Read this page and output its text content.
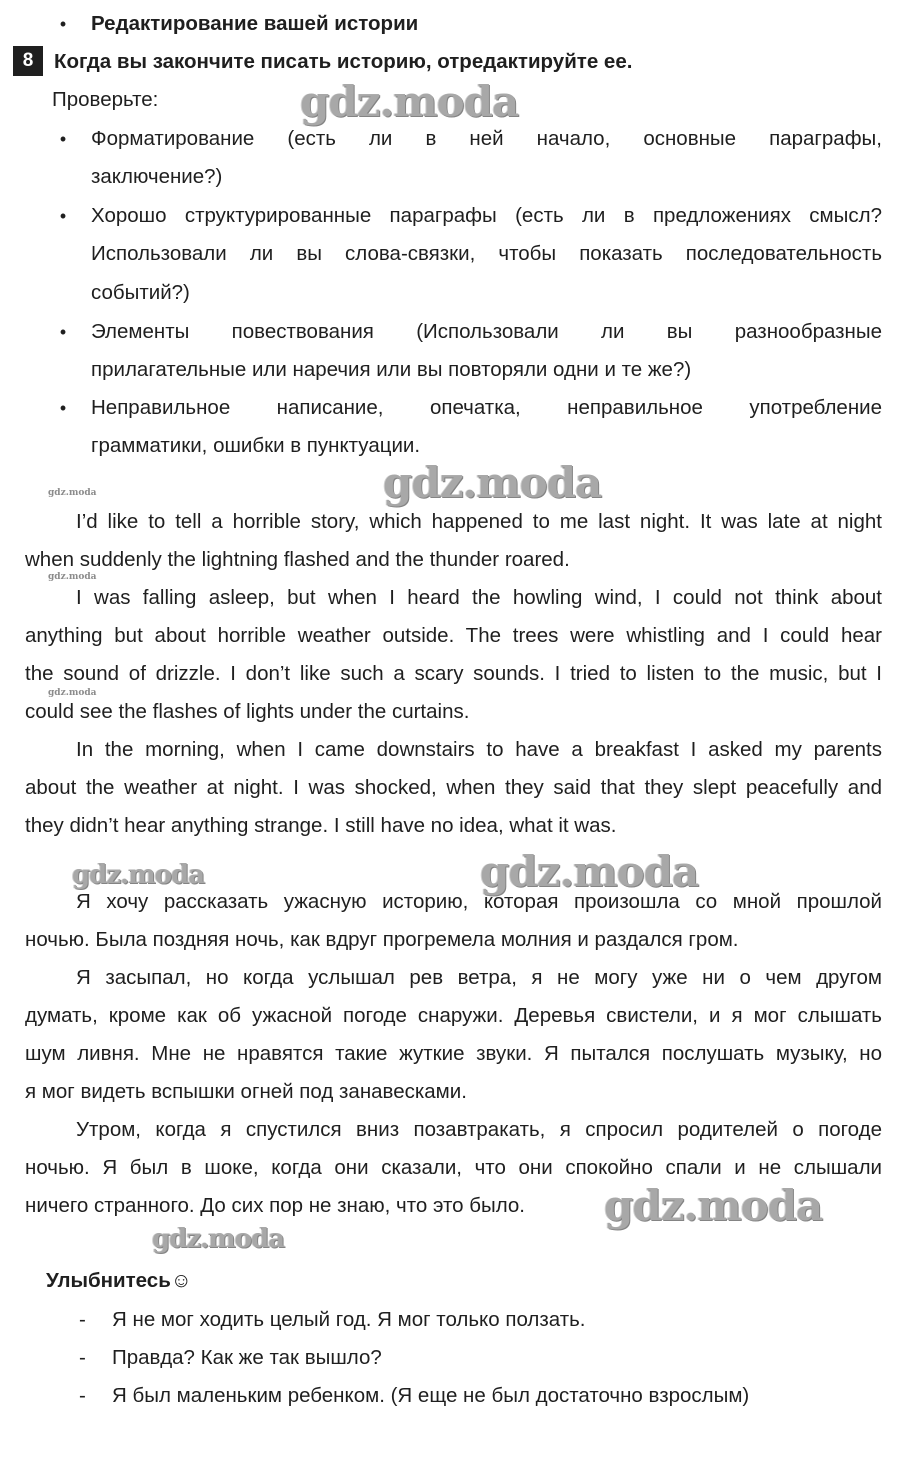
• Редактирование вашей истории
8	Когда вы закончите писать историю, отредактируйте ее.
Проверьте:
• Форматирование (есть ли в ней начало, основные параграфы,
заключение?)
• Хорошо структурированные параграфы (есть ли в предложениях смысл?
Использовали ли вы слова-связки, чтобы показать последовательность
событий?)
• Элементы повествования (Использовали ли вы разнообразные
прилагательные или наречия или вы повторяли одни и те же?)
• Неправильное написание, опечатка, неправильное употребление
грамматики, ошибки в пунктуации.
I’d like to tell a horrible story, which happened to me last night. It was late at night
when suddenly the lightning flashed and the thunder roared.
I was falling asleep, but when I heard the howling wind, I could not think about
anything but about horrible weather outside. The trees were whistling and I could hear
the sound of drizzle. I don’t like such a scary sounds. I tried to listen to the music, but I
could see the flashes of lights under the curtains.
In the morning, when I came downstairs to have a breakfast I asked my parents
about the weather at night. I was shocked, when they said that they slept peacefully and
they didn’t hear anything strange. I still have no idea, what it was.
Я хочу рассказать ужасную историю, которая произошла со мной прошлой
ночью. Была поздняя ночь, как вдруг прогремела молния и раздался гром.
Я засыпал, но когда услышал рев ветра, я не могу уже ни о чем другом
думать, кроме как об ужасной погоде снаружи. Деревья свистели, и я мог слышать
шум ливня. Мне не нравятся такие жуткие звуки. Я пытался послушать музыку, но
я мог видеть вспышки огней под занавесками.
Утром, когда я спустился вниз позавтракать, я спросил родителей о погоде
ночью. Я был в шоке, когда они сказали, что они спокойно спали и не слышали
ничего странного. До сих пор не знаю, что это было.
Улыбнитесь☺
- Я не мог ходить целый год. Я мог только ползать.
- Правда? Как же так вышло?
- Я был маленьким ребенком. (Я еще не был достаточно взрослым)
gdz.moda
gdz.moda
gdz.moda
gdz.moda
gdz.moda
gdz.moda	gdz.moda
gdz.moda
gdz.moda
